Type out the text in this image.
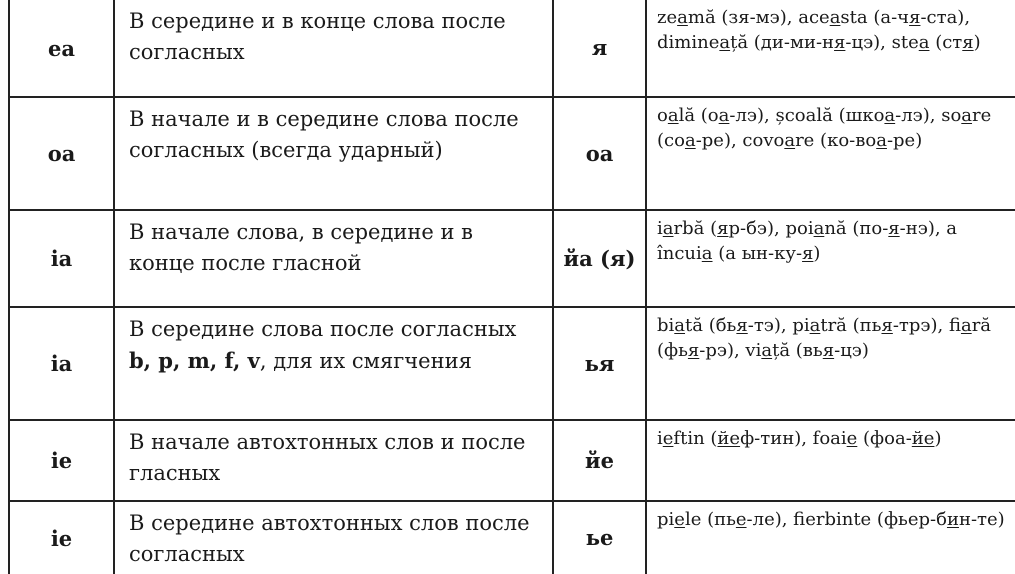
ea	В середине и в конце слова после согласных	я	zeamă (зя-мэ), aceasta (а-чя-ста), dimineață (ди-ми-ня-цэ), stea (стя)
oa	В начале и в середине слова после согласных (всегда ударный)	oa	oală (оа-лэ), școală (шкоа-лэ), soare (соа-ре), covoare (ко-воа-ре)
ia	В начале слова, в середине и в конце после гласной	йа (я)	iarbă (яр-бэ), poiană (по-я-нэ), a încuia (а ын-ку-я)
ia	В середине слова после согласных b, p, m, f, v, для их смягчения	ья	biată (бья-тэ), piatră (пья-трэ), fiară (фья-рэ), viață (вья-цэ)
ie	В начале автохтонных слов и после гласных	йе	ieftin (йеф-тин), foaie (фоа-йе)
ie	В середине автохтонных слов после согласных	ье	piele (пье-ле), fierbinte (фьер-бин-те)
